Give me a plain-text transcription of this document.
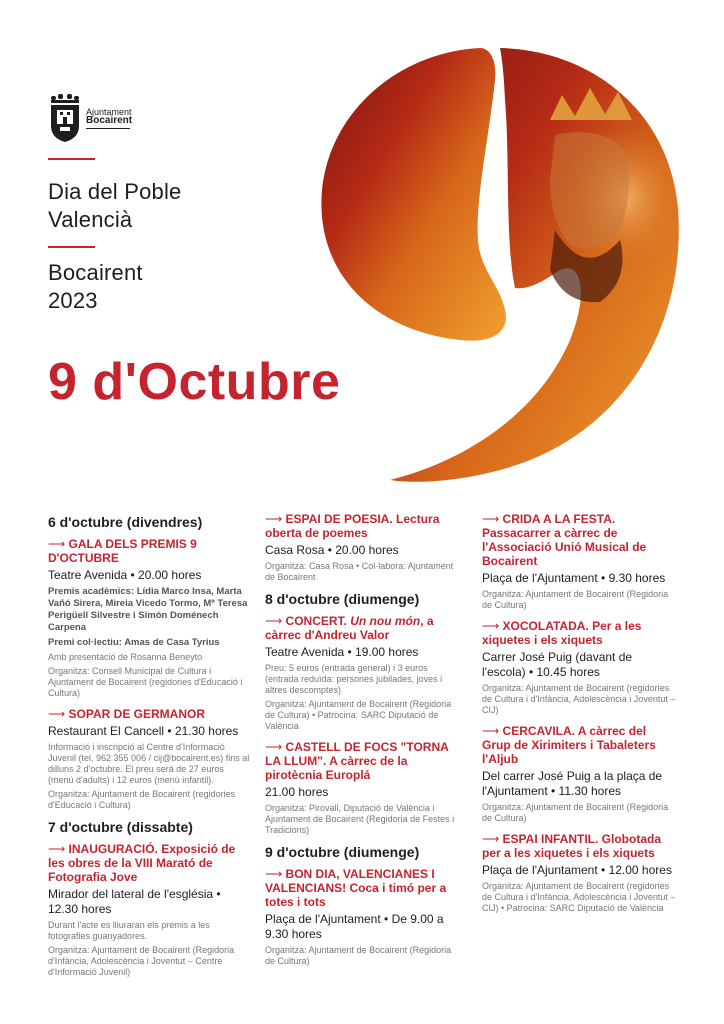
Ajuntament
Bocairent
Dia del Poble
Valencià
Bocairent
2023
9 d'Octubre
6 d'octubre (divendres)
⟶ GALA DELS PREMIS 9 D'OCTUBRE
Teatre Avenida • 20.00 hores
Premis acadèmics: Lídia Marco Insa, Marta Vañó Sirera, Mireia Vicedo Tormo, Mª Teresa Perigüell Silvestre i Simón Doménech Carpena
Premi col·lectiu: Amas de Casa Tyrius
Amb presentació de Rosanna Beneyto
Organitza: Consell Municipal de Cultura i Ajuntament de Bocairent (regidories d'Educació i Cultura)
⟶ SOPAR DE GERMANOR
Restaurant El Cancell • 21.30 hores
Informació i inscripció al Centre d'Informació Juvenil (tel. 962 355 006 / cij@bocairent.es) fins al dilluns 2 d'octubre. El preu serà de 27 euros (menú d'adults) i 12 euros (menú infantil).
Organitza: Ajuntament de Bocairent (regidories d'Educació i Cultura)
7 d'octubre (dissabte)
⟶ INAUGURACIÓ. Exposició de les obres de la VIII Marató de Fotografia Jove
Mirador del lateral de l'església • 12.30 hores
Durant l'acte es lliuraran els premis a les fotografies guanyadores.
Organitza: Ajuntament de Bocairent (Regidoria d'Infància, Adolescència i Joventut – Centre d'Informació Juvenil)
⟶ ESPAI DE POESIA. Lectura oberta de poemes
Casa Rosa • 20.00 hores
Organitza: Casa Rosa • Col·labora: Ajuntament de Bocairent
8 d'octubre (diumenge)
⟶ CONCERT. Un nou món, a càrrec d'Andreu Valor
Teatre Avenida • 19.00 hores
Preu: 5 euros (entrada general) i 3 euros (entrada reduïda: persones jubilades, joves i altres descomptes)
Organitza: Ajuntament de Bocairent (Regidoria de Cultura) • Patrocina: SARC Diputació de València
⟶ CASTELL DE FOCS "TORNA LA LLUM". A càrrec de la pirotècnia Europlá
21.00 hores
Organitza: Pirovall, Diputació de València i Ajuntament de Bocairent (Regidoria de Festes i Tradicions)
9 d'octubre (diumenge)
⟶ BON DIA, VALENCIANES I VALENCIANS! Coca i timó per a totes i tots
Plaça de l'Ajuntament • De 9.00 a 9.30 hores
Organitza: Ajuntament de Bocairent (Regidoria de Cultura)
⟶ CRIDA A LA FESTA. Passacarrer a càrrec de l'Associació Unió Musical de Bocairent
Plaça de l'Ajuntament • 9.30 hores
Organitza: Ajuntament de Bocairent (Regidoria de Cultura)
⟶ XOCOLATADA. Per a les xiquetes i els xiquets
Carrer José Puig (davant de l'escola) • 10.45 hores
Organitza: Ajuntament de Bocairent (regidories de Cultura i d'Infància, Adolescència i Joventut – CIJ)
⟶ CERCAVILA. A càrrec del Grup de Xirimiters i Tabaleters l'Aljub
Del carrer José Puig a la plaça de l'Ajuntament • 11.30 hores
Organitza: Ajuntament de Bocairent (Regidoria de Cultura)
⟶ ESPAI INFANTIL. Globotada per a les xiquetes i els xiquets
Plaça de l'Ajuntament • 12.00 hores
Organitza: Ajuntament de Bocairent (regidories de Cultura i d'Infància, Adolescència i Joventut – CIJ) • Patrocina: SARC Diputació de València
